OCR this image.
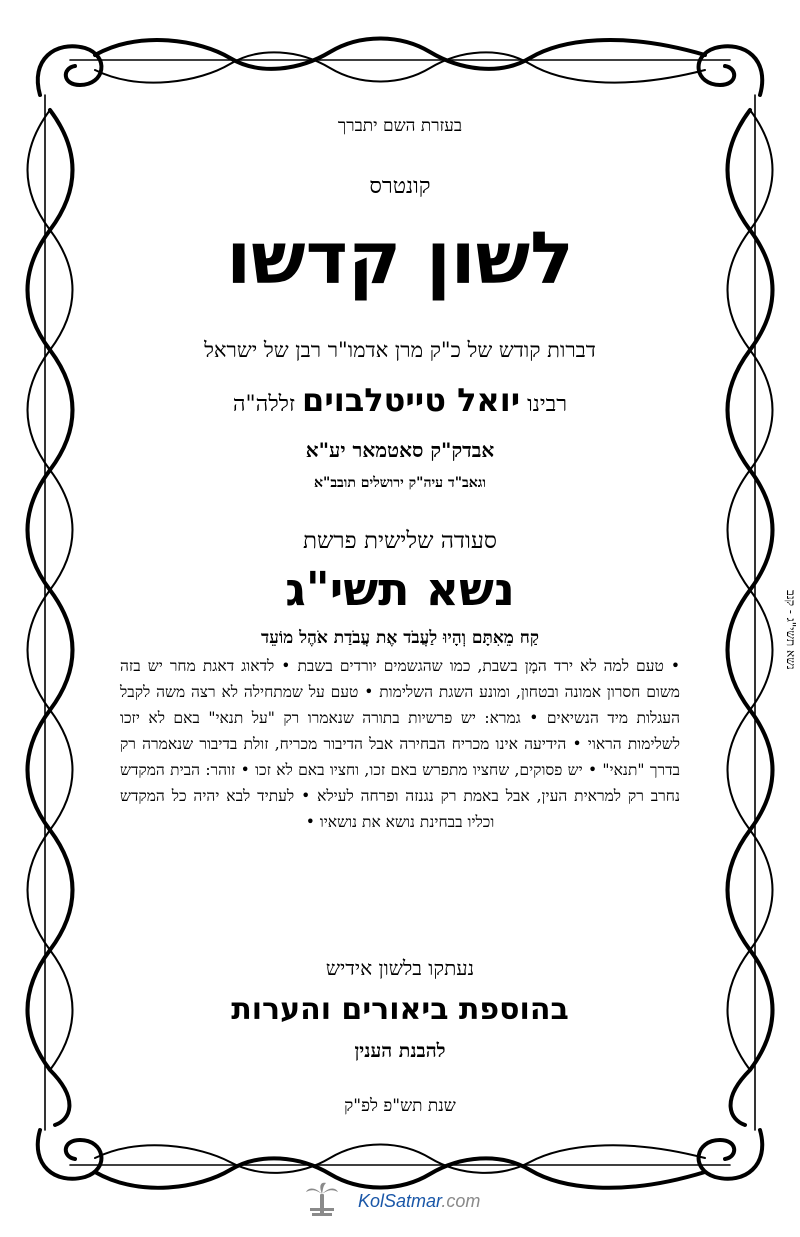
בעזרת השם יתברך
קונטרס
לשון קדשו
דברות קודש של כ"ק מרן אדמו"ר רבן של ישראל
רבינו יואל טייטלבוים זללה"ה
אבדק"ק סאטמאר יע"א
וגאב"ד עיה"ק ירושלים תובב"א
סעודה שלישית פרשת
נשא תשי"ג
קַח מֵאִתָּם וְהָיוּ לַעֲבֹד אֶת עֲבֹדַת אֹהֶל מוֹעֵד
• טעם למה לא ירד המָן בשבת, כמו שהגשמים יורדים בשבת • לדאוג דאגת מחר יש בזה משום חסרון אמונה ובטחון, ומונע השגת השלימות • טעם על שמתחילה לא רצה משה לקבל העגלות מיד הנשיאים • גמרא: יש פרשיות בתורה שנאמרו רק "על תנאי" באם לא יזכו לשלימות הראוי • הידיעה אינו מכריח הבחירה אבל הדיבור מכריח, זולת בדיבור שנאמרה רק בדרך "תנאי" • יש פסוקים, שחציו מתפרש באם זכו, וחציו באם לא זכו • זוהר: הבית המקדש נחרב רק למראית העין, אבל באמת רק נגנזה ופרחה לעילא • לעתיד לבא יהיה כל המקדש וכליו בבחינת נושא את נושאיו •
נעתקו בלשון אידיש
בהוספת ביאורים והערות
להבנת הענין
שנת תש"פ לפ"ק
נשא תשי"ג - קנב
KolSatmar.com
